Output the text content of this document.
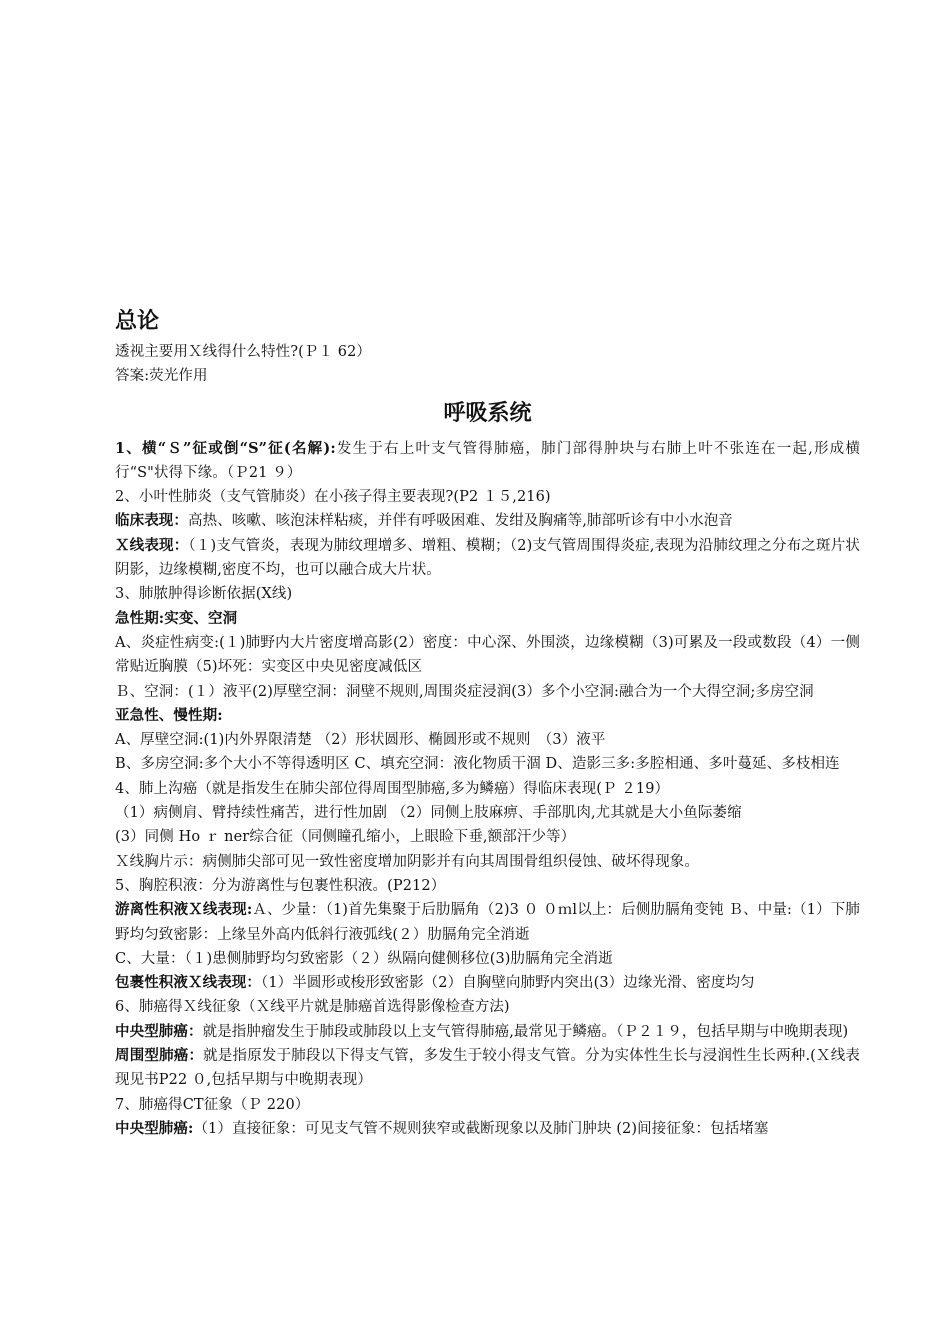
总论

透视主要用Ｘ线得什么特性?(Ｐ１ 62）

答案:荧光作用

呼吸系统

1、横“Ｓ”征或倒“S”征(名解):发生于右上叶支气管得肺癌，肺门部得肿块与右肺上叶不张连在一起,形成横行“S"状得下缘。（Ｐ21 ９）

2、小叶性肺炎（支气管肺炎）在小孩子得主要表现?(P2 １５,216)

临床表现：高热、咳嗽、咳泡沫样粘痰，并伴有呼吸困难、发绀及胸痛等,肺部听诊有中小水泡音

Ｘ线表现：（１)支气管炎，表现为肺纹理增多、增粗、模糊；（2)支气管周围得炎症,表现为沿肺纹理之分布之斑片状阴影，边缘模糊,密度不均，也可以融合成大片状。

3、肺脓肿得诊断依据(X线)

急性期:实变、空洞

A、炎症性病变:(１)肺野内大片密度增高影(2）密度：中心深、外围淡，边缘模糊（3)可累及一段或数段（4）一侧常贴近胸膜（5)坏死：实变区中央见密度减低区

Ｂ、空洞：(１）液平(2)厚壁空洞：洞壁不规则,周围炎症浸润(3）多个小空洞:融合为一个大得空洞;多房空洞

亚急性、慢性期:

A、厚壁空洞:(1)内外界限清楚 （2）形状圆形、椭圆形或不规则　（3）液平

B、多房空洞:多个大小不等得透明区 C、填充空洞：液化物质干涸 D、造影三多:多腔相通、多叶蔓延、多枝相连

4、肺上沟癌（就是指发生在肺尖部位得周围型肺癌,多为鳞癌）得临床表现(Ｐ ２19）

（1）病侧肩、臂持续性痛苦，进行性加剧 （2）同侧上肢麻痹、手部肌肉,尤其就是大小鱼际萎缩

(3）同侧 Ho ｒ ner综合征（同侧瞳孔缩小，上眼睑下垂,额部汗少等）

Ｘ线胸片示：病侧肺尖部可见一致性密度增加阴影并有向其周围骨组织侵蚀、破坏得现象。

5、胸腔积液：分为游离性与包裹性积液。(P212）

游离性积液Ｘ线表现:Ａ、少量：（1)首先集聚于后肋膈角（2)3 ０ ０ｍl以上：后侧肋膈角变钝 Ｂ、中量:（1）下肺野均匀致密影：上缘呈外高内低斜行液弧线(２）肋膈角完全消逝

C、大量：（１)患侧肺野均匀致密影（２）纵隔向健侧移位(3)肋膈角完全消逝

包裹性积液Ｘ线表现：（1）半圆形或梭形致密影（2）自胸壁向肺野内突出(3）边缘光滑、密度均匀

6、肺癌得Ｘ线征象（Ｘ线平片就是肺癌首选得影像检查方法)

中央型肺癌：就是指肿瘤发生于肺段或肺段以上支气管得肺癌,最常见于鳞癌。（Ｐ２１９，包括早期与中晚期表现)

周围型肺癌：就是指原发于肺段以下得支气管，多发生于较小得支气管。分为实体性生长与浸润性生长两种.(Ｘ线表现见书P22 ０,包括早期与中晚期表现）

7、肺癌得CT征象（Ｐ 220）

中央型肺癌:（1）直接征象：可见支气管不规则狭窄或截断现象以及肺门肿块 (2)间接征象：包括堵塞
